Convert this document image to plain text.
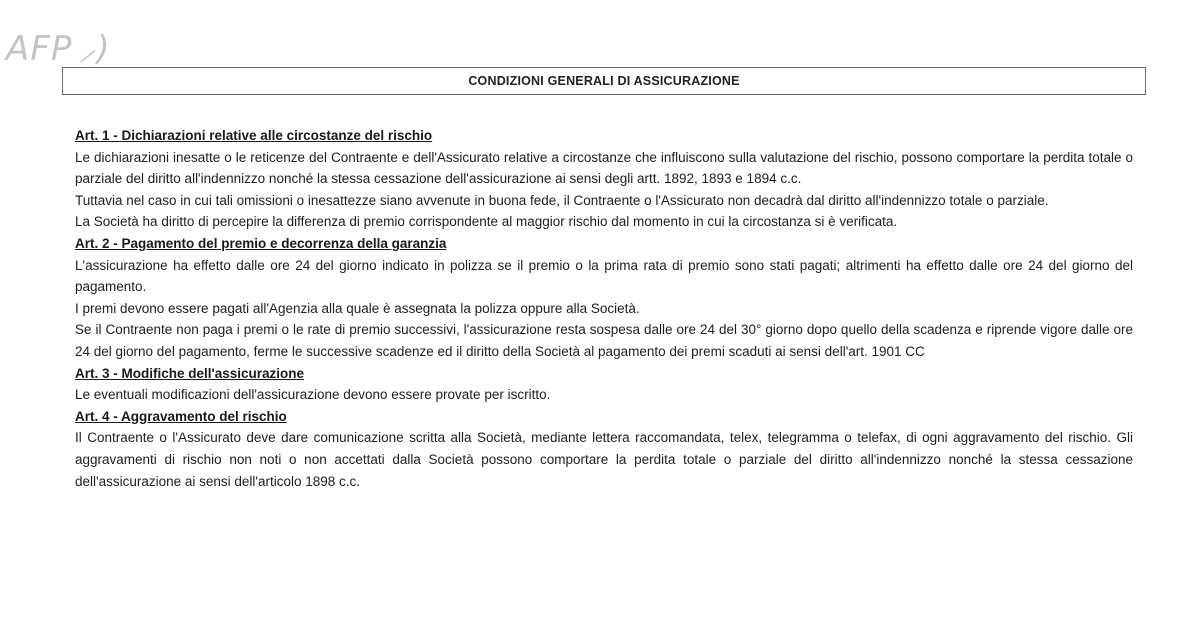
AFP ⸝)
CONDIZIONI GENERALI DI ASSICURAZIONE
Art. 1 - Dichiarazioni relative alle circostanze del rischio

Le dichiarazioni inesatte o le reticenze del Contraente e dell'Assicurato relative a circostanze che influiscono sulla valutazione del rischio, possono comportare la perdita totale o parziale del diritto all'indennizzo nonché la stessa cessazione dell'assicurazione ai sensi degli artt. 1892, 1893 e 1894 c.c.

Tuttavia nel caso in cui tali omissioni o inesattezze siano avvenute in buona fede, il Contraente o l'Assicurato non decadrà dal diritto all'indennizzo totale o parziale.

La Società ha diritto di percepire la differenza di premio corrispondente al maggior rischio dal momento in cui la circostanza si è verificata.

Art. 2 - Pagamento del premio e decorrenza della garanzia

L'assicurazione ha effetto dalle ore 24 del giorno indicato in polizza se il premio o la prima rata di premio sono stati pagati; altrimenti ha effetto dalle ore 24 del giorno del pagamento.

I premi devono essere pagati all'Agenzia alla quale è assegnata la polizza oppure alla Società.

Se il Contraente non paga i premi o le rate di premio successivi, l'assicurazione resta sospesa dalle ore 24 del 30° giorno dopo quello della scadenza e riprende vigore dalle ore 24 del giorno del pagamento, ferme le successive scadenze ed il diritto della Società al pagamento dei premi scaduti ai sensi dell'art. 1901 CC

Art. 3 - Modifiche dell'assicurazione

Le eventuali modificazioni dell'assicurazione devono essere provate per iscritto.

Art. 4 - Aggravamento del rischio

Il Contraente o l'Assicurato deve dare comunicazione scritta alla Società, mediante lettera raccomandata, telex, telegramma o telefax, di ogni aggravamento del rischio. Gli aggravamenti di rischio non noti o non accettati dalla Società possono comportare la perdita totale o parziale del diritto all'indennizzo nonché la stessa cessazione dell'assicurazione ai sensi dell'articolo 1898 c.c.
